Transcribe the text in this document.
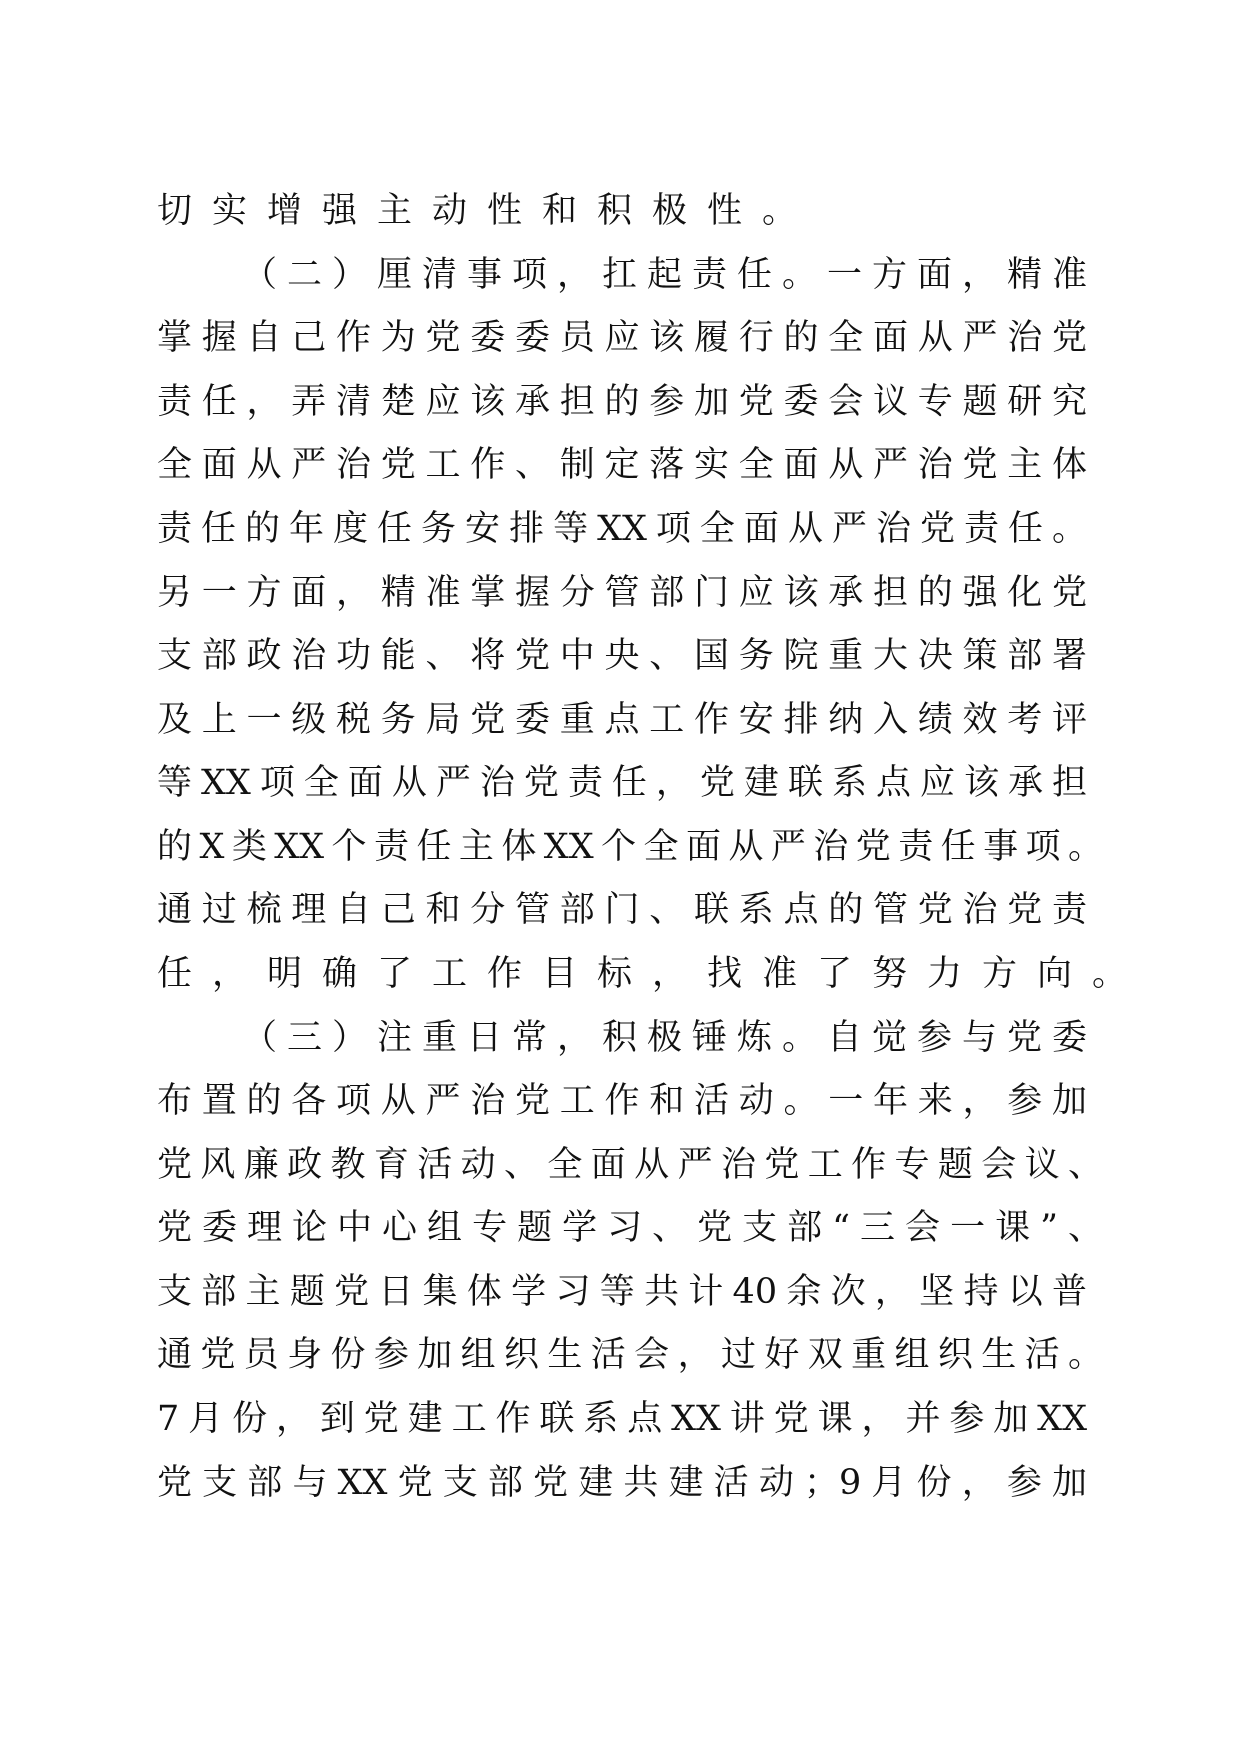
切实增强主动性和积极性。
（二）厘清事项，扛起责任。一方面，精准
掌握自己作为党委委员应该履行的全面从严治党
责任，弄清楚应该承担的参加党委会议专题研究
全面从严治党工作、制定落实全面从严治党主体
责任的年度任务安排等XX项全面从严治党责任。
另一方面，精准掌握分管部门应该承担的强化党
支部政治功能、将党中央、国务院重大决策部署
及上一级税务局党委重点工作安排纳入绩效考评
等XX项全面从严治党责任，党建联系点应该承担
的X类XX个责任主体XX个全面从严治党责任事项。
通过梳理自己和分管部门、联系点的管党治党责
任，明确了工作目标，找准了努力方向。
（三）注重日常，积极锤炼。自觉参与党委
布置的各项从严治党工作和活动。一年来，参加
党风廉政教育活动、全面从严治党工作专题会议、
党委理论中心组专题学习、党支部“三会一课”、
支部主题党日集体学习等共计40余次，坚持以普
通党员身份参加组织生活会，过好双重组织生活。
7月份，到党建工作联系点XX讲党课，并参加XX
党支部与XX党支部党建共建活动；9月份，参加
